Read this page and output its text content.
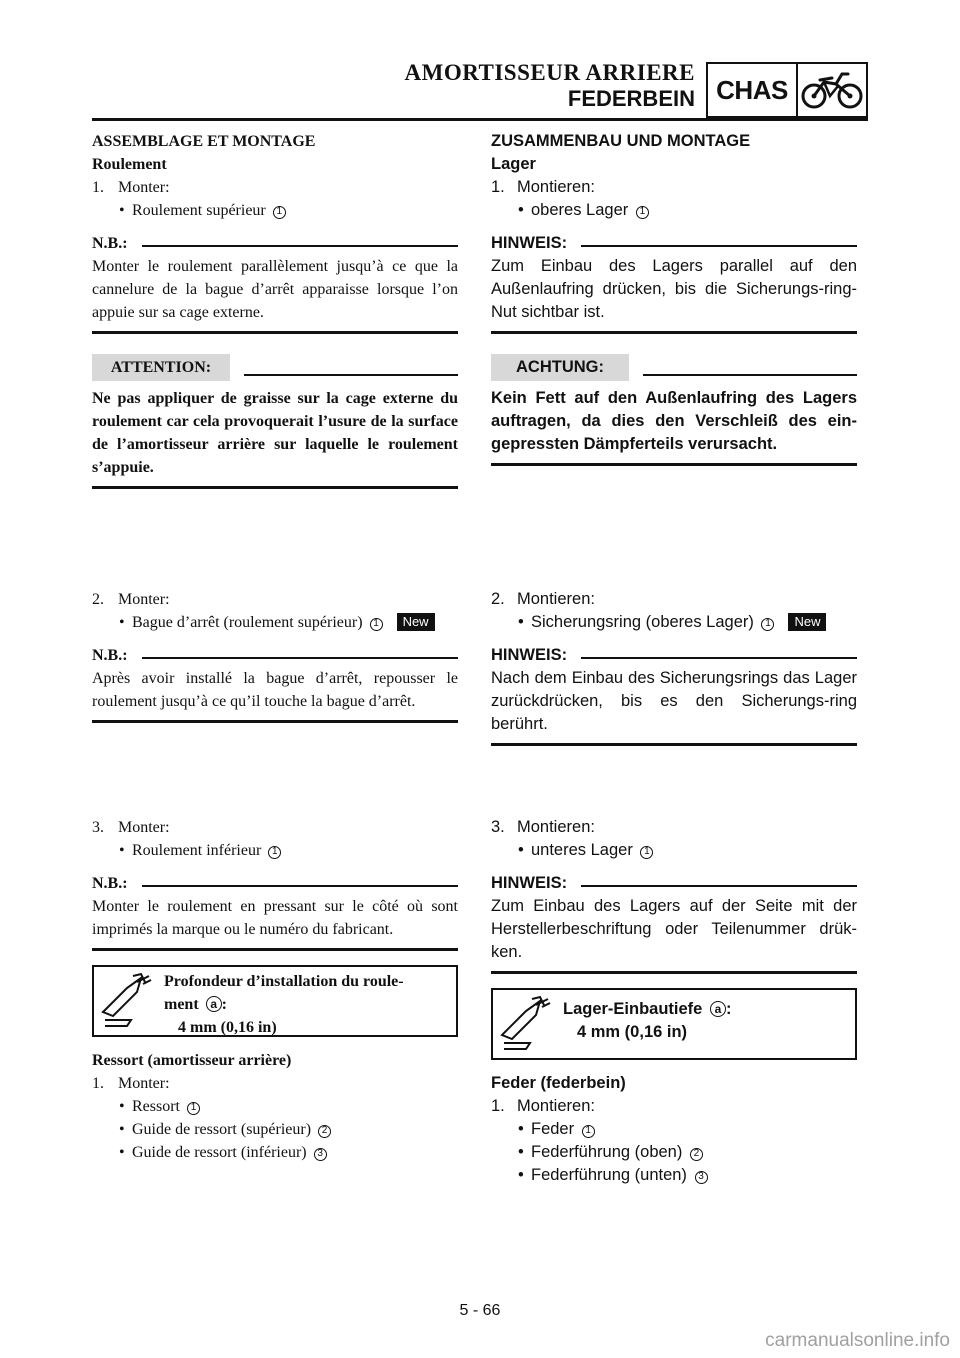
AMORTISSEUR ARRIERE
FEDERBEIN CHAS
ASSEMBLAGE ET MONTAGE
Roulement
1. Monter:
• Roulement supérieur 1
N.B.:
Monter le roulement parallèlement jusqu’à ce que la cannelure de la bague d’arrêt apparaisse lorsque l’on appuie sur sa cage externe.
ATTENTION:
Ne pas appliquer de graisse sur la cage externe du roulement car cela provoquerait l’usure de la surface de l’amortisseur arrière sur laquelle le roulement s’appuie.
2. Monter:
• Bague d’arrêt (roulement supérieur) 1 New
N.B.:
Après avoir installé la bague d’arrêt, repousser le roulement jusqu’à ce qu’il touche la bague d’arrêt.
3. Monter:
• Roulement inférieur 1
N.B.:
Monter le roulement en pressant sur le côté où sont imprimés la marque ou le numéro du fabricant.
Profondeur d’installation du roule-
ment a :
4 mm (0,16 in)
Ressort (amortisseur arrière)
1. Monter:
• Ressort 1
• Guide de ressort (supérieur) 2
• Guide de ressort (inférieur) 3
ZUSAMMENBAU UND MONTAGE
Lager
1. Montieren:
• oberes Lager 1
HINWEIS:
Zum Einbau des Lagers parallel auf den Außenlaufring drücken, bis die Sicherungs-ring-Nut sichtbar ist.
ACHTUNG:
Kein Fett auf den Außenlaufring des Lagers auftragen, da dies den Verschleiß des ein-gepressten Dämpferteils verursacht.
2. Montieren:
• Sicherungsring (oberes Lager) 1 New
HINWEIS:
Nach dem Einbau des Sicherungsrings das Lager zurückdrücken, bis es den Sicherungs-ring berührt.
3. Montieren:
• unteres Lager 1
HINWEIS:
Zum Einbau des Lagers auf der Seite mit der Herstellerbeschriftung oder Teilenummer drük-ken.
Lager-Einbautiefe a :
4 mm (0,16 in)
Feder (federbein)
1. Montieren:
• Feder 1
• Federführung (oben) 2
• Federführung (unten) 3
5 - 66
carmanualsonline.info
